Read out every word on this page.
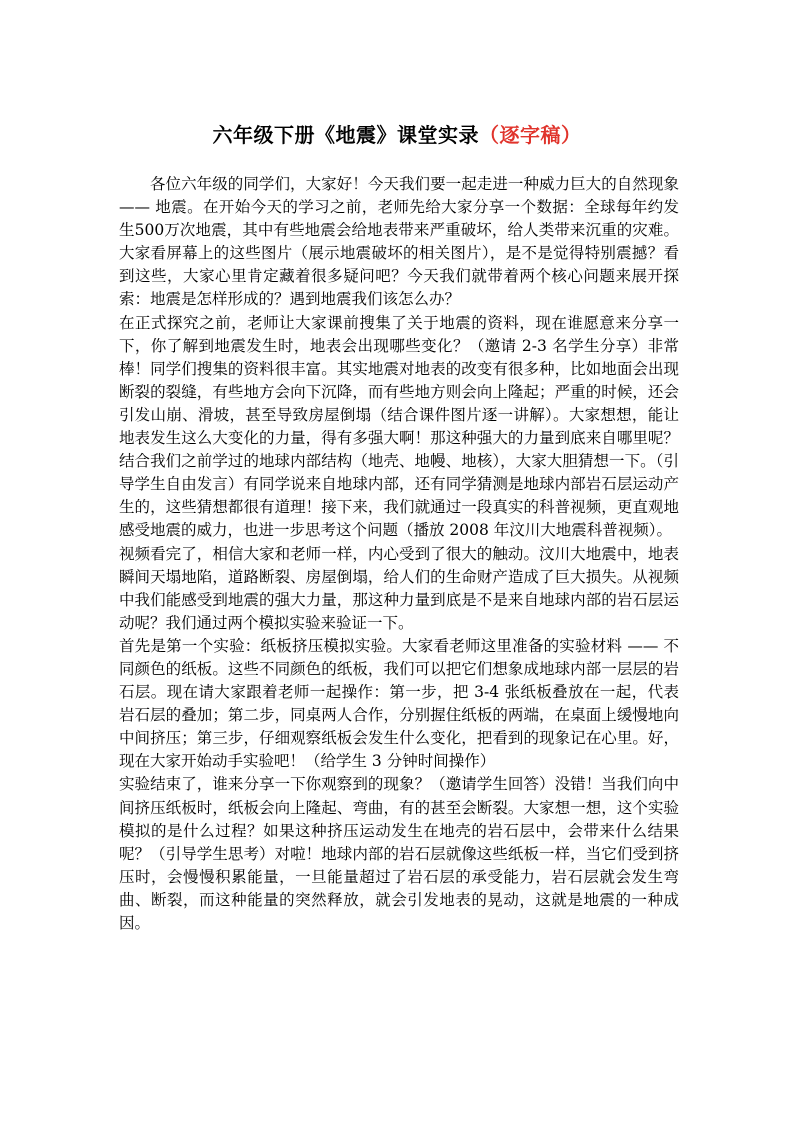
六年级下册《地震》课堂实录（逐字稿）

各位六年级的同学们，大家好！今天我们要一起走进一种威力巨大的自然现象 —— 地震。在开始今天的学习之前，老师先给大家分享一个数据：全球每年约发生500万次地震，其中有些地震会给地表带来严重破坏，给人类带来沉重的灾难。大家看屏幕上的这些图片（展示地震破坏的相关图片），是不是觉得特别震撼？看到这些，大家心里肯定藏着很多疑问吧？今天我们就带着两个核心问题来展开探索：地震是怎样形成的？遇到地震我们该怎么办？

在正式探究之前，老师让大家课前搜集了关于地震的资料，现在谁愿意来分享一下，你了解到地震发生时，地表会出现哪些变化？（邀请 2-3 名学生分享）非常棒！同学们搜集的资料很丰富。其实地震对地表的改变有很多种，比如地面会出现断裂的裂缝，有些地方会向下沉降，而有些地方则会向上隆起；严重的时候，还会引发山崩、滑坡，甚至导致房屋倒塌（结合课件图片逐一讲解）。大家想想，能让地表发生这么大变化的力量，得有多强大啊！那这种强大的力量到底来自哪里呢？结合我们之前学过的地球内部结构（地壳、地幔、地核），大家大胆猜想一下。（引导学生自由发言）有同学说来自地球内部，还有同学猜测是地球内部岩石层运动产生的，这些猜想都很有道理！接下来，我们就通过一段真实的科普视频，更直观地感受地震的威力，也进一步思考这个问题（播放 2008 年汶川大地震科普视频）。

视频看完了，相信大家和老师一样，内心受到了很大的触动。汶川大地震中，地表瞬间天塌地陷，道路断裂、房屋倒塌，给人们的生命财产造成了巨大损失。从视频中我们能感受到地震的强大力量，那这种力量到底是不是来自地球内部的岩石层运动呢？我们通过两个模拟实验来验证一下。

首先是第一个实验：纸板挤压模拟实验。大家看老师这里准备的实验材料 —— 不同颜色的纸板。这些不同颜色的纸板，我们可以把它们想象成地球内部一层层的岩石层。现在请大家跟着老师一起操作：第一步，把 3-4 张纸板叠放在一起，代表岩石层的叠加；第二步，同桌两人合作，分别握住纸板的两端，在桌面上缓慢地向中间挤压；第三步，仔细观察纸板会发生什么变化，把看到的现象记在心里。好，现在大家开始动手实验吧！（给学生 3 分钟时间操作）

实验结束了，谁来分享一下你观察到的现象？（邀请学生回答）没错！当我们向中间挤压纸板时，纸板会向上隆起、弯曲，有的甚至会断裂。大家想一想，这个实验模拟的是什么过程？如果这种挤压运动发生在地壳的岩石层中，会带来什么结果呢？（引导学生思考）对啦！地球内部的岩石层就像这些纸板一样，当它们受到挤压时，会慢慢积累能量，一旦能量超过了岩石层的承受能力，岩石层就会发生弯曲、断裂，而这种能量的突然释放，就会引发地表的晃动，这就是地震的一种成因。
